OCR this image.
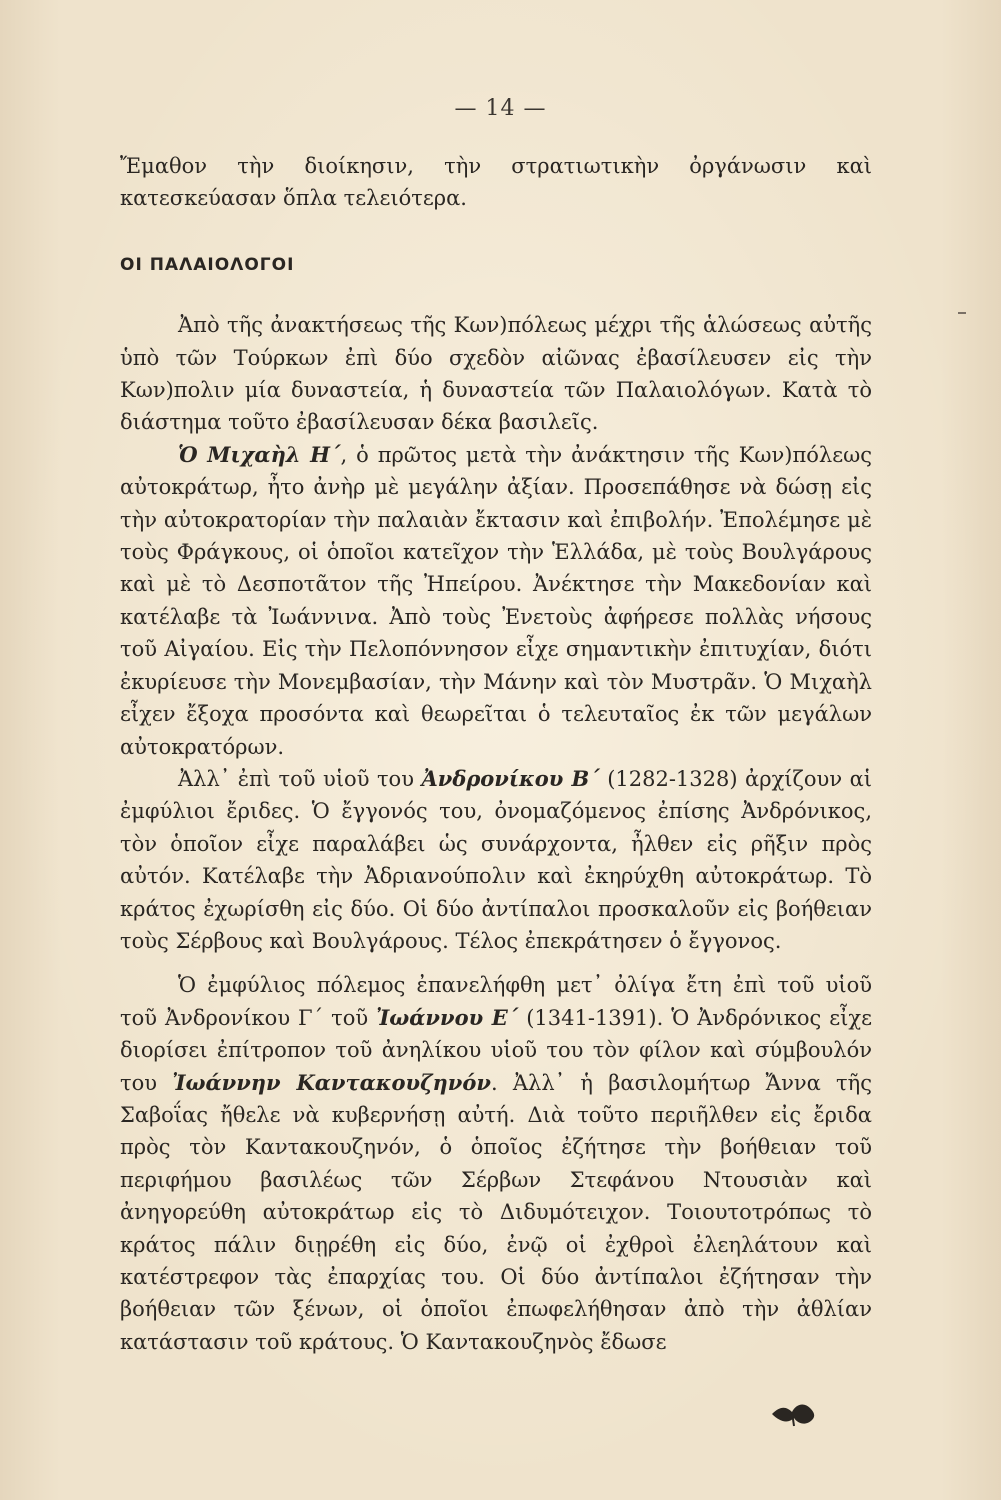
— 14 —

Ἔμαθον τὴν διοίκησιν, τὴν στρατιωτικὴν ὀργάνωσιν καὶ κατεσκεύασαν ὅπλα τελειότερα.

ΟΙ ΠΑΛΑΙΟΛΟΓΟΙ

Ἀπὸ τῆς ἀνακτήσεως τῆς Κων)πόλεως μέχρι τῆς ἁλώσεως αὐτῆς ὑπὸ τῶν Τούρκων ἐπὶ δύο σχεδὸν αἰῶνας ἐβασίλευσεν εἰς τὴν Κων)πολιν μία δυναστεία, ἡ δυναστεία τῶν Παλαιολόγων. Κατὰ τὸ διάστημα τοῦτο ἐβασίλευσαν δέκα βασιλεῖς.

Ὁ Μιχαὴλ Η΄, ὁ πρῶτος μετὰ τὴν ἀνάκτησιν τῆς Κων)πόλεως αὐτοκράτωρ, ἦτο ἀνὴρ μὲ μεγάλην ἀξίαν. Προσεπάθησε νὰ δώσῃ εἰς τὴν αὐτοκρατορίαν τὴν παλαιὰν ἔκτασιν καὶ ἐπιβολήν. Ἐπολέμησε μὲ τοὺς Φράγκους, οἱ ὁποῖοι κατεῖχον τὴν Ἑλλάδα, μὲ τοὺς Βουλγάρους καὶ μὲ τὸ Δεσποτᾶτον τῆς Ἠπείρου. Ἀνέκτησε τὴν Μακεδονίαν καὶ κατέλαβε τὰ Ἰωάννινα. Ἀπὸ τοὺς Ἐνετοὺς ἀφήρεσε πολλὰς νήσους τοῦ Αἰγαίου. Εἰς τὴν Πελοπόννησον εἶχε σημαντικὴν ἐπιτυχίαν, διότι ἐκυρίευσε τὴν Μονεμβασίαν, τὴν Μάνην καὶ τὸν Μυστρᾶν. Ὁ Μιχαὴλ εἶχεν ἔξοχα προσόντα καὶ θεωρεῖται ὁ τελευταῖος ἐκ τῶν μεγάλων αὐτοκρατόρων.

Ἀλλ᾿ ἐπὶ τοῦ υἱοῦ του Ἀνδρονίκου Β΄ (1282-1328) ἀρχίζουν αἱ ἐμφύλιοι ἔριδες. Ὁ ἔγγονός του, ὀνομαζόμενος ἐπίσης Ἀνδρόνικος, τὸν ὁποῖον εἶχε παραλάβει ὡς συνάρχοντα, ἦλθεν εἰς ρῆξιν πρὸς αὐτόν. Κατέλαβε τὴν Ἀδριανούπολιν καὶ ἐκηρύχθη αὐτοκράτωρ. Τὸ κράτος ἐχωρίσθη εἰς δύο. Οἱ δύο ἀντίπαλοι προσκαλοῦν εἰς βοήθειαν τοὺς Σέρβους καὶ Βουλγάρους. Τέλος ἐπεκράτησεν ὁ ἔγγονος.

Ὁ ἐμφύλιος πόλεμος ἐπανελήφθη μετ᾿ ὀλίγα ἔτη ἐπὶ τοῦ υἱοῦ τοῦ Ἀνδρονίκου Γ΄ τοῦ Ἰωάννου Ε΄ (1341-1391). Ὁ Ἀνδρόνικος εἶχε διορίσει ἐπίτροπον τοῦ ἀνηλίκου υἱοῦ του τὸν φίλον καὶ σύμβουλόν του Ἰωάννην Καντακουζηνόν. Ἀλλ᾿ ἡ βασιλομήτωρ Ἄννα τῆς Σαβοΐας ἤθελε νὰ κυβερνήσῃ αὐτή. Διὰ τοῦτο περιῆλθεν εἰς ἔριδα πρὸς τὸν Καντακουζηνόν, ὁ ὁποῖος ἐζήτησε τὴν βοήθειαν τοῦ περιφήμου βασιλέως τῶν Σέρβων Στεφάνου Ντουσιὰν καὶ ἀνηγορεύθη αὐτοκράτωρ εἰς τὸ Διδυμότειχον. Τοιουτοτρόπως τὸ κράτος πάλιν διῃρέθη εἰς δύο, ἐνῷ οἱ ἐχθροὶ ἐλεηλάτουν καὶ κατέστρεφον τὰς ἐπαρχίας του. Οἱ δύο ἀντίπαλοι ἐζήτησαν τὴν βοήθειαν τῶν ξένων, οἱ ὁποῖοι ἐπωφελήθησαν ἀπὸ τὴν ἀθλίαν κατάστασιν τοῦ κράτους. Ὁ Καντακουζηνὸς ἔδωσε
